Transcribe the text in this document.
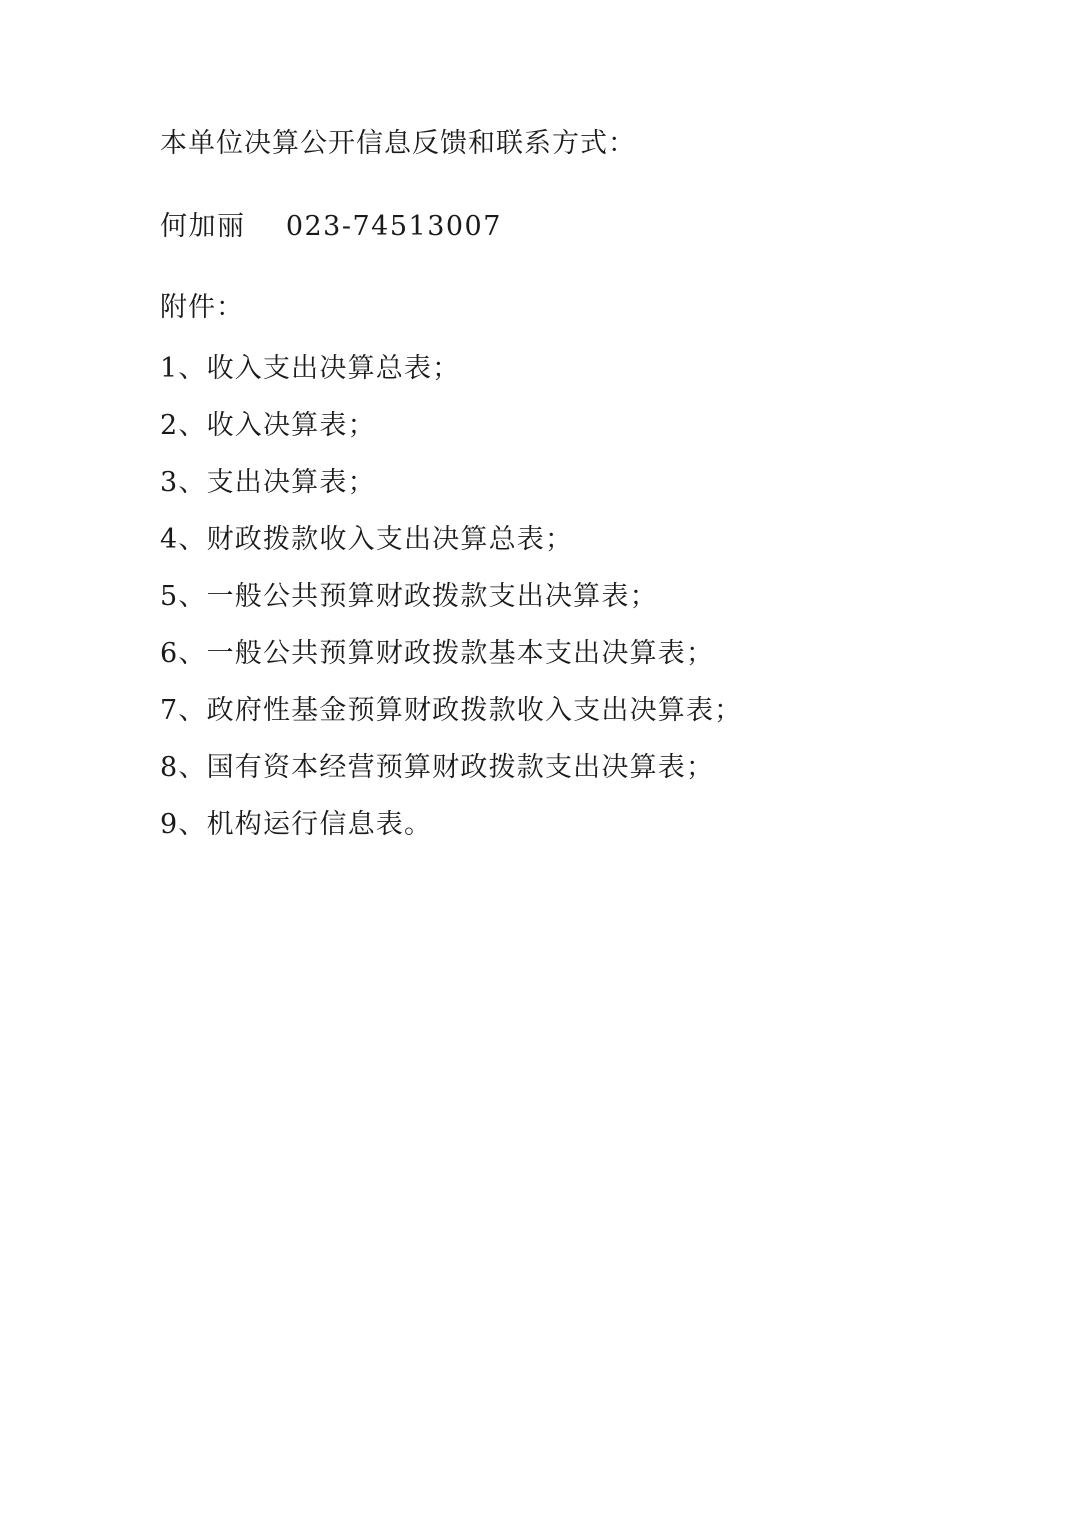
本单位决算公开信息反馈和联系方式：
何加丽    023-74513007
附件：
1、收入支出决算总表；
2、收入决算表；
3、支出决算表；
4、财政拨款收入支出决算总表；
5、一般公共预算财政拨款支出决算表；
6、一般公共预算财政拨款基本支出决算表；
7、政府性基金预算财政拨款收入支出决算表；
8、国有资本经营预算财政拨款支出决算表；
9、机构运行信息表。
